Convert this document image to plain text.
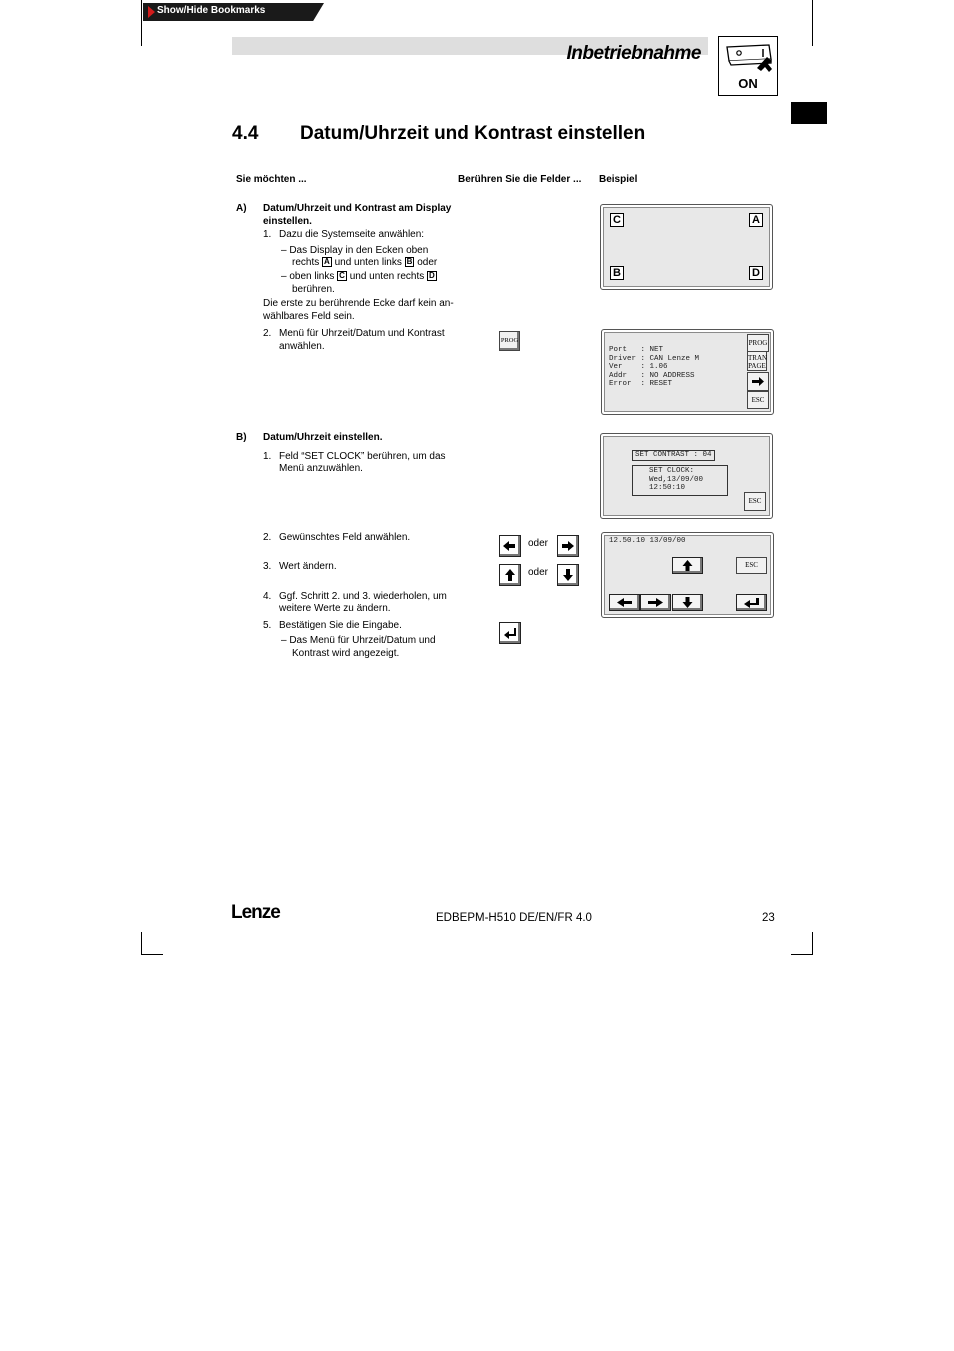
Show/Hide Bookmarks
Inbetriebnahme
ON
4.4 Datum/Uhrzeit und Kontrast einstellen
Sie möchten ...	Berühren Sie die Felder ... Beispiel
A) Datum/Uhrzeit und Kontrast am Display
einstellen.
1. Dazu die Systemseite anwählen:
– Das Display in den Ecken oben
rechts A und unten links B oder
– oben links C und unten rechts D
berühren.
Die erste zu berührende Ecke darf kein an-
wählbares Feld sein.
2. Menü für Uhrzeit/Datum und Kontrast
anwählen.
PROG
C	A
B	D
Port   : NET
Driver : CAN Lenze M
Ver    : 1.06
Addr   : NO ADDRESS
Error  : RESET
PROG
TRAN
PAGE
ESC
B) Datum/Uhrzeit einstellen.
1. Feld “SET CLOCK” berühren, um das
Menü anzuwählen.
2. Gewünschtes Feld anwählen.
3. Wert ändern.
4. Ggf. Schritt 2. und 3. wiederholen, um
weitere Werte zu ändern.
5. Bestätigen Sie die Eingabe.
– Das Menü für Uhrzeit/Datum und
Kontrast wird angezeigt.
oder
oder
SET CONTRAST : 04
SET CLOCK:
Wed,13/09/00
12:50:10
ESC
12.50.10 13/09/00
ESC
Lenze	EDBEPM-H510 DE/EN/FR 4.0	23
